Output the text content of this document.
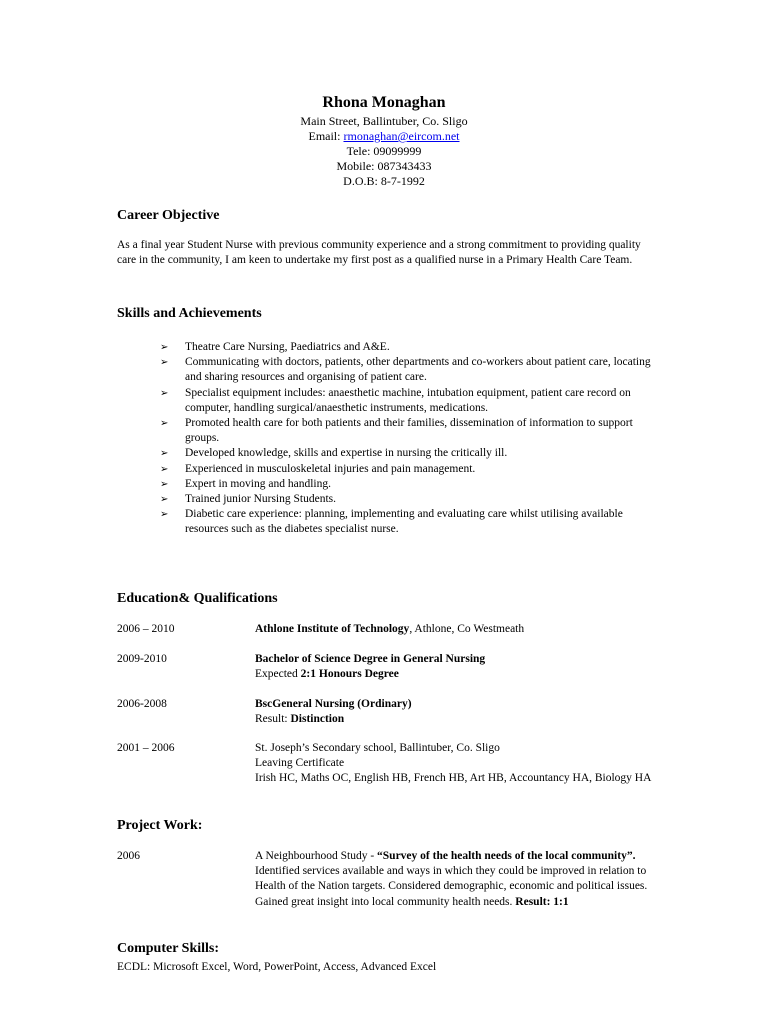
Rhona Monaghan

Main Street, Ballintuber, Co. Sligo
Email: rmonaghan@eircom.net
Tele: 09099999
Mobile: 087343433
D.O.B: 8-7-1992
Career Objective
As a final year Student Nurse with previous community experience and a strong commitment to providing quality care in the community, I am keen to undertake my first post as a qualified nurse in a Primary Health Care Team.
Skills and Achievements
➢ Theatre Care Nursing, Paediatrics and A&E.
➢ Communicating with doctors, patients, other departments and co-workers about patient care, locating and sharing resources and organising of patient care.
➢ Specialist equipment includes: anaesthetic machine, intubation equipment, patient care record on computer, handling surgical/anaesthetic instruments, medications.
➢ Promoted health care for both patients and their families, dissemination of information to support groups.
➢ Developed knowledge, skills and expertise in nursing the critically ill.
➢ Experienced in musculoskeletal injuries and pain management.
➢ Expert in moving and handling.
➢ Trained junior Nursing Students.
➢ Diabetic care experience: planning, implementing and evaluating care whilst utilising available resources such as the diabetes specialist nurse.
Education& Qualifications
2006 – 2010	Athlone Institute of Technology, Athlone, Co Westmeath
2009-2010	Bachelor of Science Degree in General Nursing
Expected 2:1 Honours Degree
2006-2008	BscGeneral Nursing (Ordinary)
Result: Distinction
2001 – 2006	St. Joseph’s Secondary school, Ballintuber, Co. Sligo
Leaving Certificate
Irish HC, Maths OC, English HB, French HB, Art HB, Accountancy HA, Biology HA
Project Work:
2006	A Neighbourhood Study - “Survey of the health needs of the local community”. Identified services available and ways in which they could be improved in relation to Health of the Nation targets. Considered demographic, economic and political issues. Gained great insight into local community health needs. Result: 1:1
Computer Skills:
ECDL: Microsoft Excel, Word, PowerPoint, Access, Advanced Excel
